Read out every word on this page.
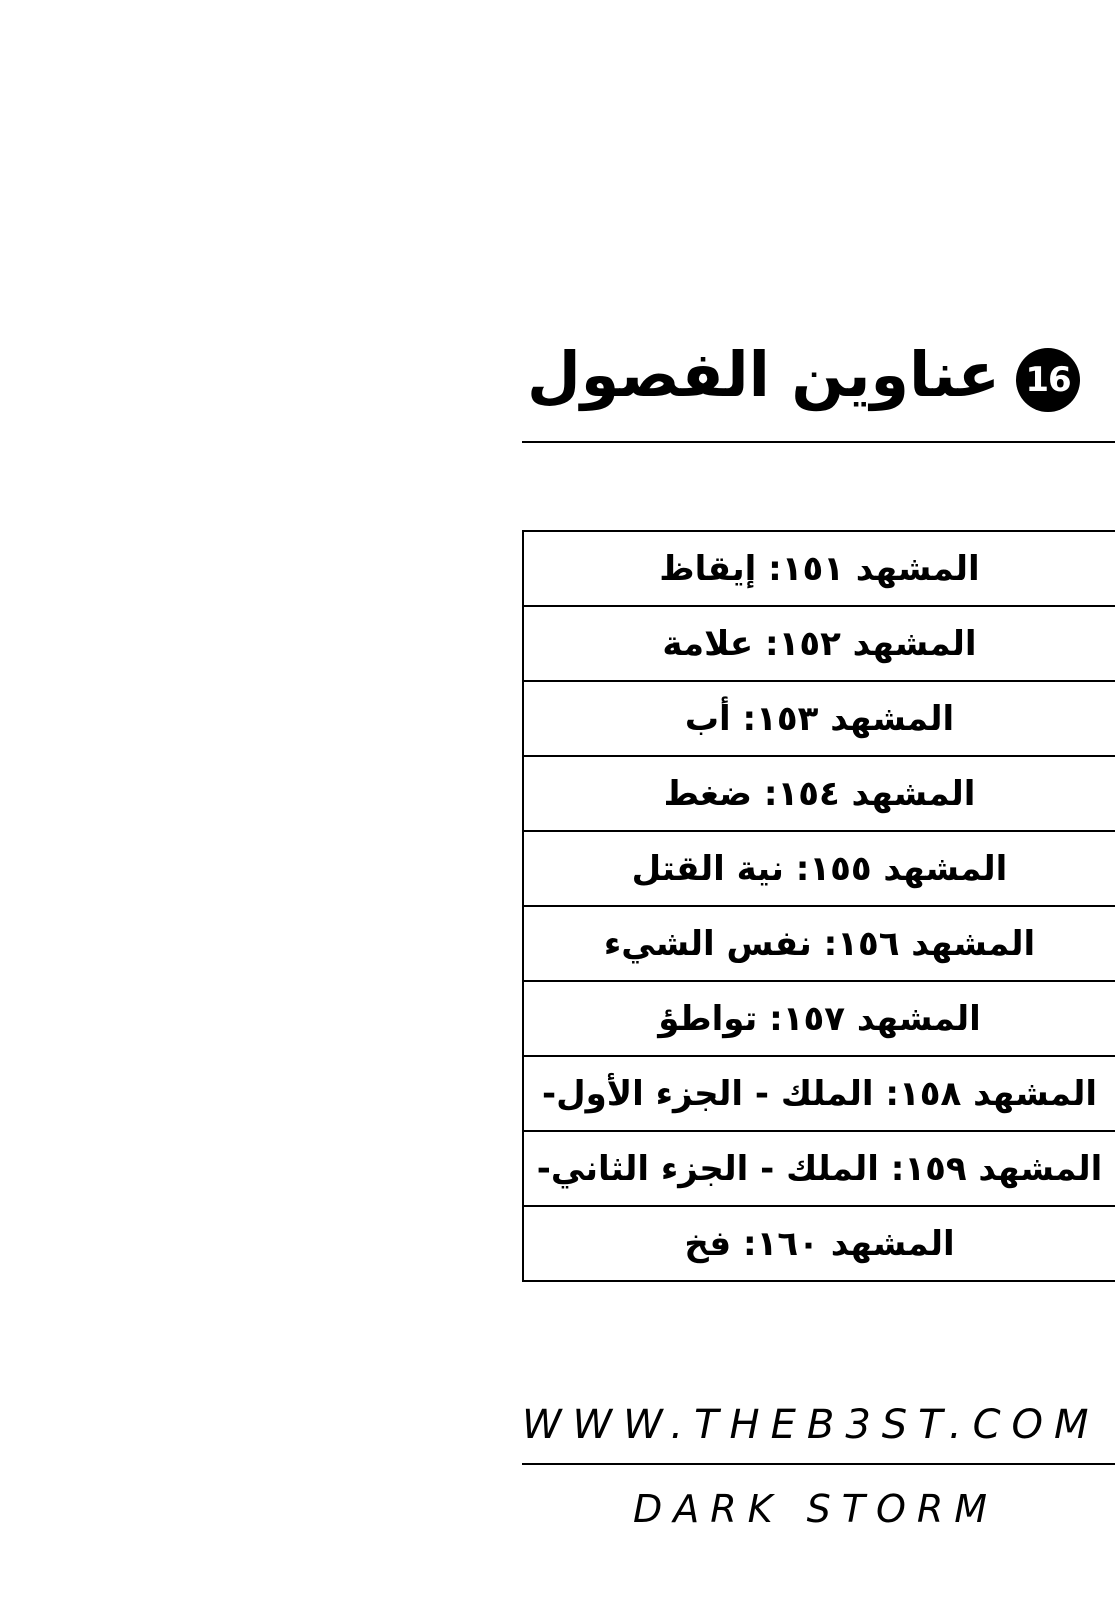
16
عناوين الفصول
المشهد ١٥١: إيقاظ
المشهد ١٥٢: علامة
المشهد ١٥٣: أب
المشهد ١٥٤: ضغط
المشهد ١٥٥: نية القتل
المشهد ١٥٦: نفس الشيء
المشهد ١٥٧: تواطؤ
المشهد ١٥٨: الملك - الجزء الأول-
المشهد ١٥٩: الملك - الجزء الثاني-
المشهد ١٦٠: فخ
WWW.THEB3ST.COM
DARK STORM
